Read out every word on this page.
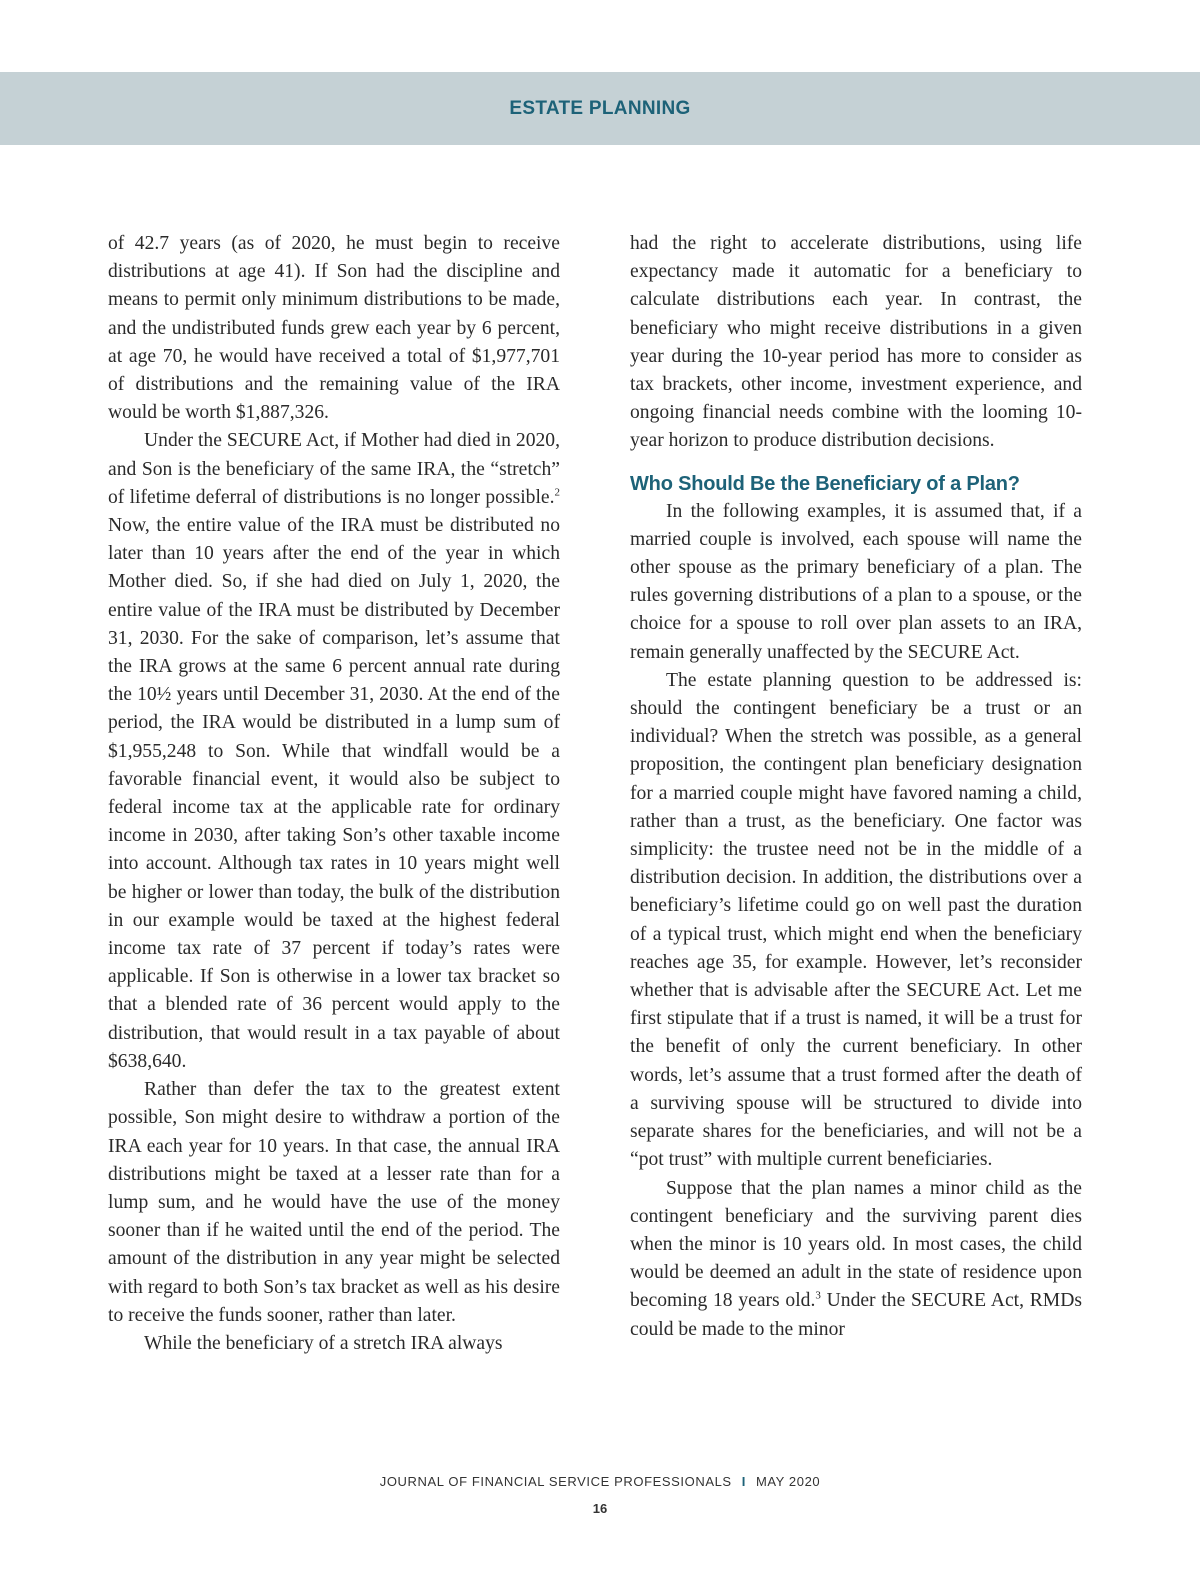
ESTATE PLANNING

of 42.7 years (as of 2020, he must begin to receive distributions at age 41). If Son had the discipline and means to permit only minimum distributions to be made, and the undistributed funds grew each year by 6 percent, at age 70, he would have received a total of $1,977,701 of distributions and the remaining value of the IRA would be worth $1,887,326.

Under the SECURE Act, if Mother had died in 2020, and Son is the beneficiary of the same IRA, the “stretch” of lifetime deferral of distributions is no longer possible.$^2$ Now, the entire value of the IRA must be distributed no later than 10 years after the end of the year in which Mother died. So, if she had died on July 1, 2020, the entire value of the IRA must be distributed by December 31, 2030. For the sake of comparison, let’s assume that the IRA grows at the same 6 percent annual rate during the 10½ years until December 31, 2030. At the end of the period, the IRA would be distributed in a lump sum of $1,955,248 to Son. While that windfall would be a favorable financial event, it would also be subject to federal income tax at the applicable rate for ordinary income in 2030, after taking Son’s other taxable income into account. Although tax rates in 10 years might well be higher or lower than today, the bulk of the distribution in our example would be taxed at the highest federal income tax rate of 37 percent if today’s rates were applicable. If Son is otherwise in a lower tax bracket so that a blended rate of 36 percent would apply to the distribution, that would result in a tax payable of about $638,640.

Rather than defer the tax to the greatest extent possible, Son might desire to withdraw a portion of the IRA each year for 10 years. In that case, the annual IRA distributions might be taxed at a lesser rate than for a lump sum, and he would have the use of the money sooner than if he waited until the end of the period. The amount of the distribution in any year might be selected with regard to both Son’s tax bracket as well as his desire to receive the funds sooner, rather than later.

While the beneficiary of a stretch IRA always

had the right to accelerate distributions, using life expectancy made it automatic for a beneficiary to calculate distributions each year. In contrast, the beneficiary who might receive distributions in a given year during the 10-year period has more to consider as tax brackets, other income, investment experience, and ongoing financial needs combine with the looming 10-year horizon to produce distribution decisions.

Who Should Be the Beneficiary of a Plan?

In the following examples, it is assumed that, if a married couple is involved, each spouse will name the other spouse as the primary beneficiary of a plan. The rules governing distributions of a plan to a spouse, or the choice for a spouse to roll over plan assets to an IRA, remain generally unaffected by the SECURE Act.

The estate planning question to be addressed is: should the contingent beneficiary be a trust or an individual? When the stretch was possible, as a general proposition, the contingent plan beneficiary designation for a married couple might have favored naming a child, rather than a trust, as the beneficiary. One factor was simplicity: the trustee need not be in the middle of a distribution decision. In addition, the distributions over a beneficiary’s lifetime could go on well past the duration of a typical trust, which might end when the beneficiary reaches age 35, for example. However, let’s reconsider whether that is advisable after the SECURE Act. Let me first stipulate that if a trust is named, it will be a trust for the benefit of only the current beneficiary. In other words, let’s assume that a trust formed after the death of a surviving spouse will be structured to divide into separate shares for the beneficiaries, and will not be a “pot trust” with multiple current beneficiaries.

Suppose that the plan names a minor child as the contingent beneficiary and the surviving parent dies when the minor is 10 years old. In most cases, the child would be deemed an adult in the state of residence upon becoming 18 years old.$^3$ Under the SECURE Act, RMDs could be made to the minor

JOURNAL OF FINANCIAL SERVICE PROFESSIONALS I MAY 2020
16
